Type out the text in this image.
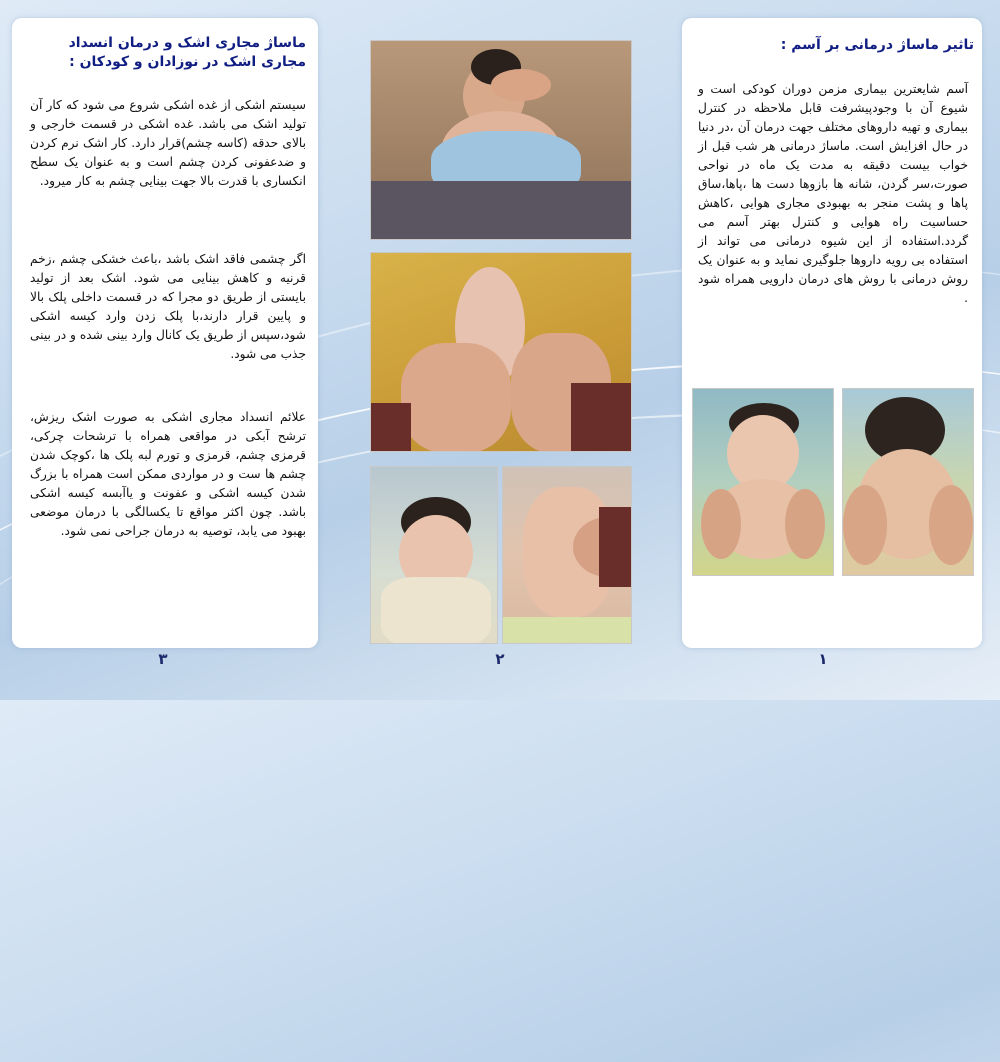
ماساژ مجاری اشک و درمان انسداد
مجاری اشک در نوزادان و کودکان :

سیستم اشکی از غده اشکی شروع می شود که کار آن تولید اشک می باشد. غده اشکی در قسمت خارجی و بالای حدقه (کاسه چشم)قرار دارد. کار اشک نرم کردن و ضدعفونی کردن چشم است و به عنوان یک سطح انکساری با قدرت بالا جهت بینایی چشم به کار میرود.

اگر چشمی فاقد اشک باشد ،باعث خشکی چشم ،زخم قرنیه و کاهش بینایی می شود. اشک بعد از تولید بایستی از طریق دو مجرا که در قسمت داخلی پلک بالا و پایین قرار دارند،با پلک زدن وارد کیسه اشکی شود،سپس از طریق یک کانال وارد بینی شده و در بینی جذب می شود.

علائم انسداد مجاری اشکی به صورت اشک ریزش، ترشح آبکی در مواقعی همراه با ترشحات چرکی، قرمزی چشم، قرمزی و تورم لبه پلک ها ،کوچک شدن چشم ها ست و در مواردی ممکن است همراه با بزرگ شدن کیسه اشکی و عفونت و یاآبسه کیسه اشکی باشد. چون اکثر مواقع تا یکسالگی با درمان موضعی بهبود می یابد، توصیه به درمان جراحی نمی شود.

۳	۲
تاثیر ماساژ درمانی بر آسم :

آسم شایعترین بیماری مزمن دوران کودکی است و شیوع آن با وجودپیشرفت قابل ملاحظه در کنترل بیماری و تهیه داروهای مختلف جهت درمان آن ،در دنیا در حال افزایش است. ماساژ درمانی هر شب قبل از خواب بیست دقیقه به مدت یک ماه در نواحی صورت،سر گردن، شانه ها بازوها دست ها ،پاها،ساق پاها و پشت منجر به بهبودی مجاری هوایی ،کاهش حساسیت راه هوایی و کنترل بهتر آسم می گردد.استفاده از این شیوه درمانی می تواند از استفاده بی رویه داروها جلوگیری نماید و به عنوان یک روش درمانی با روش های درمان دارویی همراه شود .

۱
